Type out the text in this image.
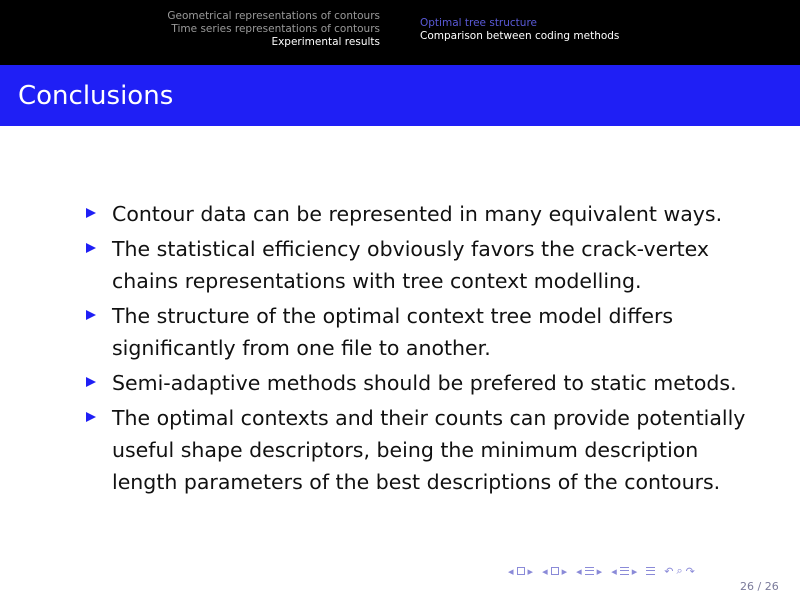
Geometrical representations of contours
Time series representations of contours
Experimental results
Optimal tree structure
Comparison between coding methods
Conclusions
Contour data can be represented in many equivalent ways.
The statistical efficiency obviously favors the crack-vertex chains representations with tree context modelling.
The structure of the optimal context tree model differs significantly from one file to another.
Semi-adaptive methods should be prefered to static metods.
The optimal contexts and their counts can provide potentially useful shape descriptors, being the minimum description length parameters of the best descriptions of the contours.
◂ ▸ ◂ ▸ ◂ ▸ ◂ ▸ ↶ ⌕ ↷
26 / 26
